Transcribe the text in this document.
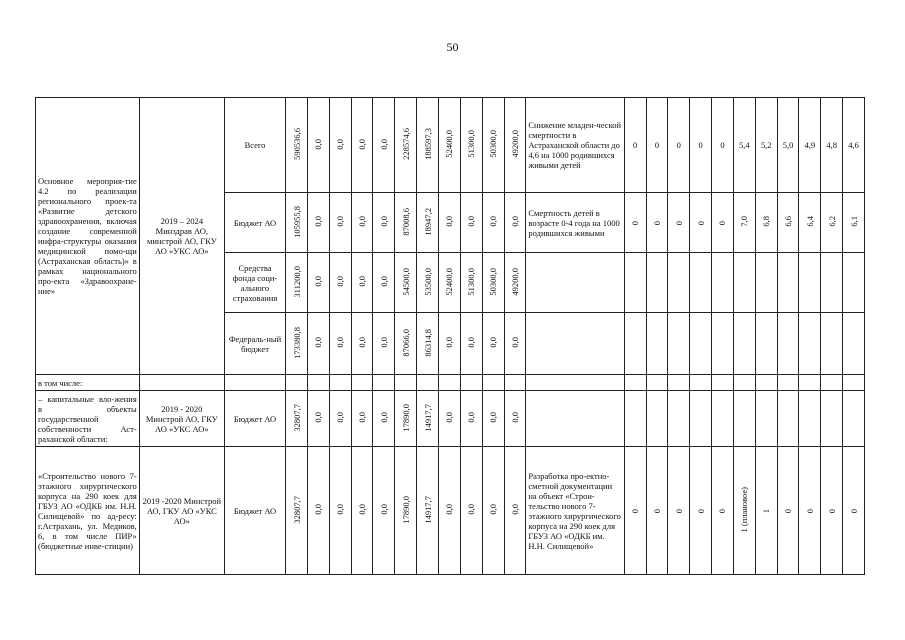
50
Основное мероприя-тие 4.2 по реализации регионального проек-та «Развитие детского здравоохранения, включая создание современной инфра-структуры оказания медицинской помо-щи (Астраханская область)» в рамках национального про-екта «Здравоохране-ние»	2019 – 2024 Минздрав АО, минстрой АО, ГКУ АО «УКС АО»	Всего	590536,6	0,0	0,0	0,0	0,0	228574,6	188597,3	52400,0	51300,0	50300,0	49200,0	Снижение младен-ческой смертности в Астраханской области до 4,6 на 1000 родившихся живыми детей	0	0	0	0	0	5,4	5,2	5,0	4,9	4,8	4,6
		Бюджет АО	105955,8	0,0	0,0	0,0	0,0	87008,6	18947,2	0,0	0,0	0,0	0,0	Смертность детей в возрасте 0-4 года на 1000 родившихся живыми	0	0	0	0	0	7,0	6,8	6,6	6,4	6,2	6,1
		Средства фонда соци-ального страхования	311200,0	0,0	0,0	0,0	0,0	54500,0	53500,0	52400,0	51300,0	50300,0	49200,0												
		Федераль-ный бюджет	173380,8	0,0	0,0	0,0	0,0	87066,0	86314,8	0,0	0,0	0,0	0,0												
в том числе:																									
– капитальные вло-жения в объекты государственной собственности Аст-раханской области:	2019 - 2020 Минстрой АО, ГКУ АО «УКС АО»	Бюджет АО	32807,7	0,0	0,0	0,0	0,0	17890,0	14917,7	0,0	0,0	0,0	0,0												
«Строительство нового 7-этажного хирургического корпуса на 290 коек для ГБУЗ АО «ОДКБ им. Н.Н. Силищевой» по ад-ресу: г.Астрахань, ул. Медиков, 6, в том числе ПИР» (бюджетные инве-стиции)	2019 -2020 Минстрой АО, ГКУ АО «УКС АО»	Бюджет АО	32807,7	0,0	0,0	0,0	0,0	17890,0	14917,7	0,0	0,0	0,0	0,0	Разработка про-ектно-сметной документации на объект «Строи-тельство нового 7-этажного хирургического корпуса на 290 коек для ГБУЗ АО «ОДКБ им. Н.Н. Силищевой»	0	0	0	0	0	1 (плановое)	1	0	0	0	0
